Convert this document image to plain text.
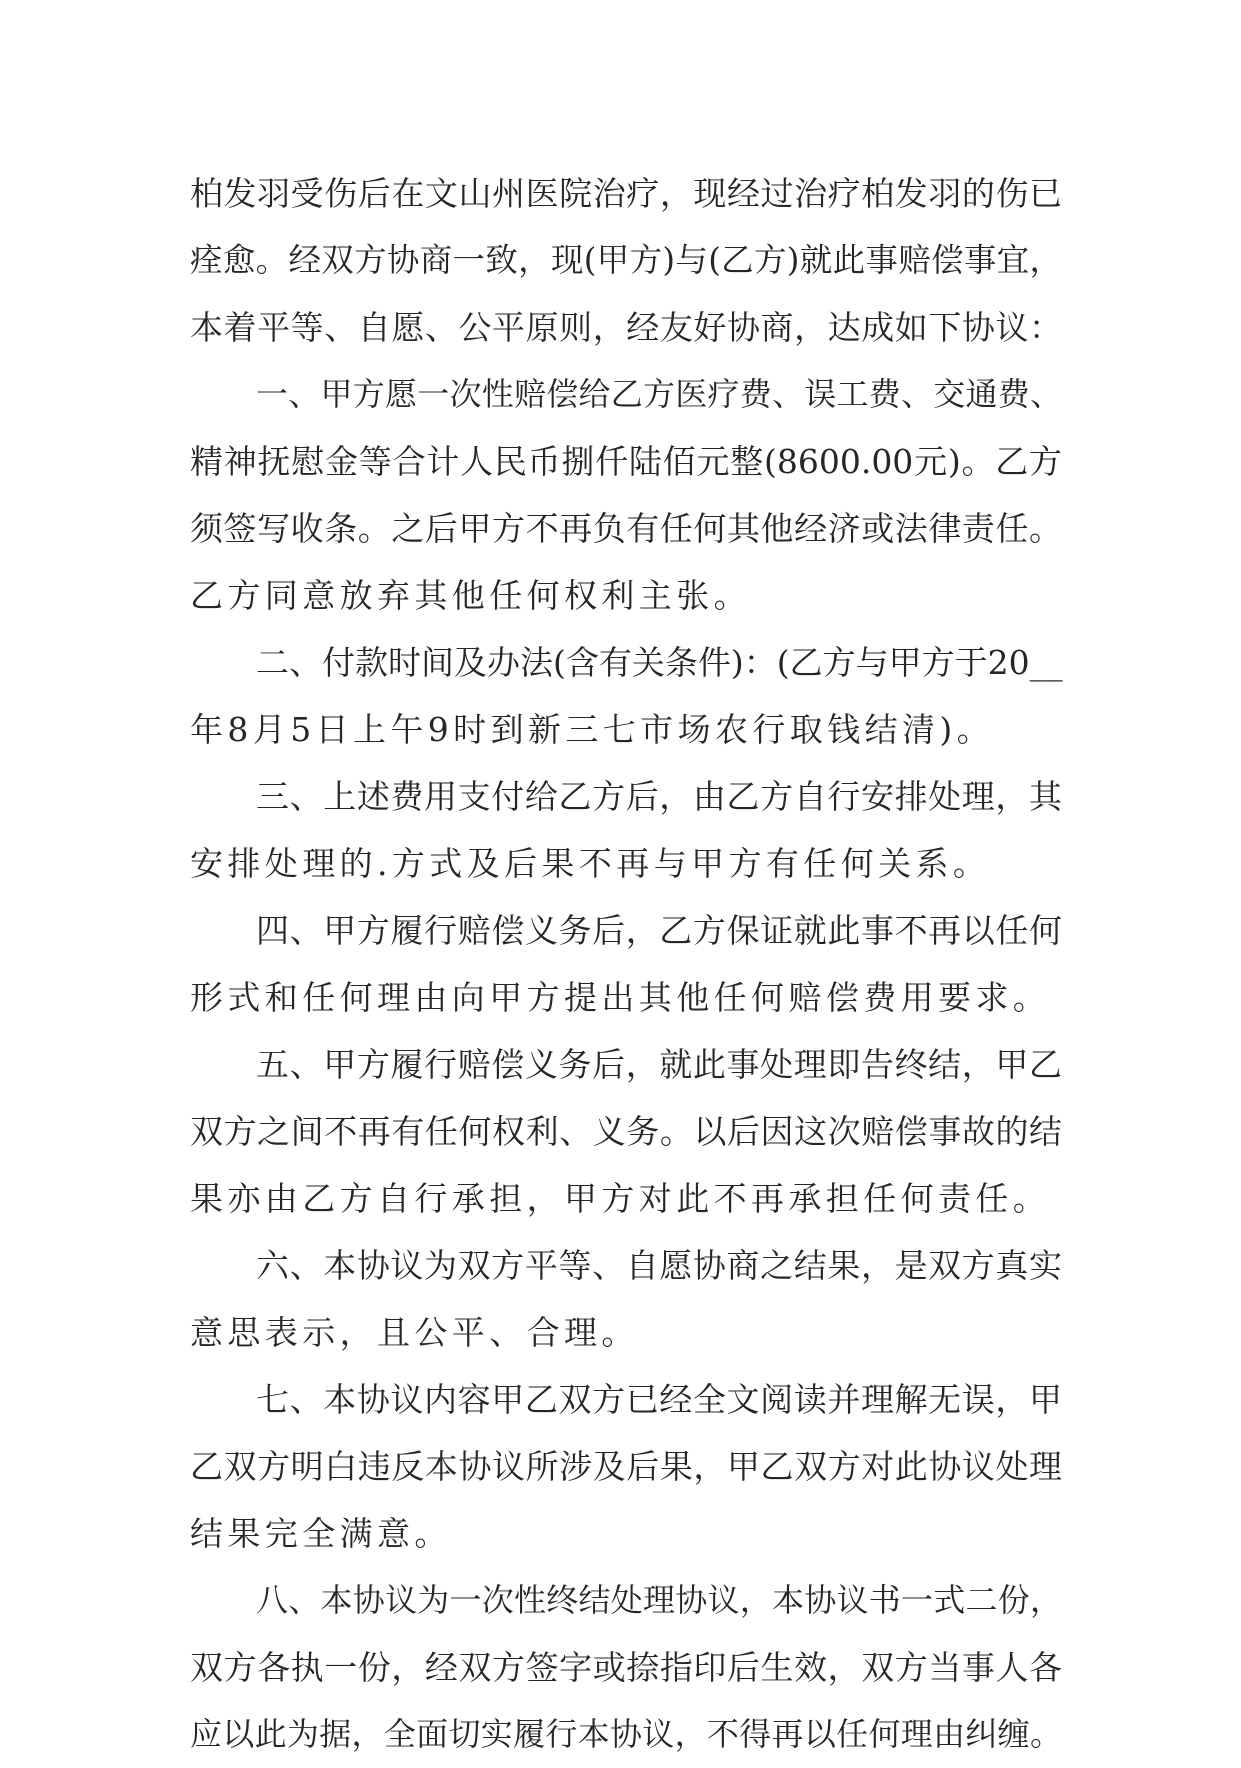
柏发羽受伤后在文山州医院治疗，现经过治疗柏发羽的伤已
痊愈。经双方协商一致，现(甲方)与(乙方)就此事赔偿事宜，
本着平等、自愿、公平原则，经友好协商，达成如下协议：
一、甲方愿一次性赔偿给乙方医疗费、误工费、交通费、
精神抚慰金等合计人民币捌仟陆佰元整(8600.00元)。乙方
须签写收条。之后甲方不再负有任何其他经济或法律责任。
乙方同意放弃其他任何权利主张。
二、付款时间及办法(含有关条件)：(乙方与甲方于20__
年8月5日上午9时到新三七市场农行取钱结清)。
三、上述费用支付给乙方后，由乙方自行安排处理，其
安排处理的.方式及后果不再与甲方有任何关系。
四、甲方履行赔偿义务后，乙方保证就此事不再以任何
形式和任何理由向甲方提出其他任何赔偿费用要求。
五、甲方履行赔偿义务后，就此事处理即告终结，甲乙
双方之间不再有任何权利、义务。以后因这次赔偿事故的结
果亦由乙方自行承担，甲方对此不再承担任何责任。
六、本协议为双方平等、自愿协商之结果，是双方真实
意思表示，且公平、合理。
七、本协议内容甲乙双方已经全文阅读并理解无误，甲
乙双方明白违反本协议所涉及后果，甲乙双方对此协议处理
结果完全满意。
八、本协议为一次性终结处理协议，本协议书一式二份，
双方各执一份，经双方签字或捺指印后生效，双方当事人各
应以此为据，全面切实履行本协议，不得再以任何理由纠缠。
